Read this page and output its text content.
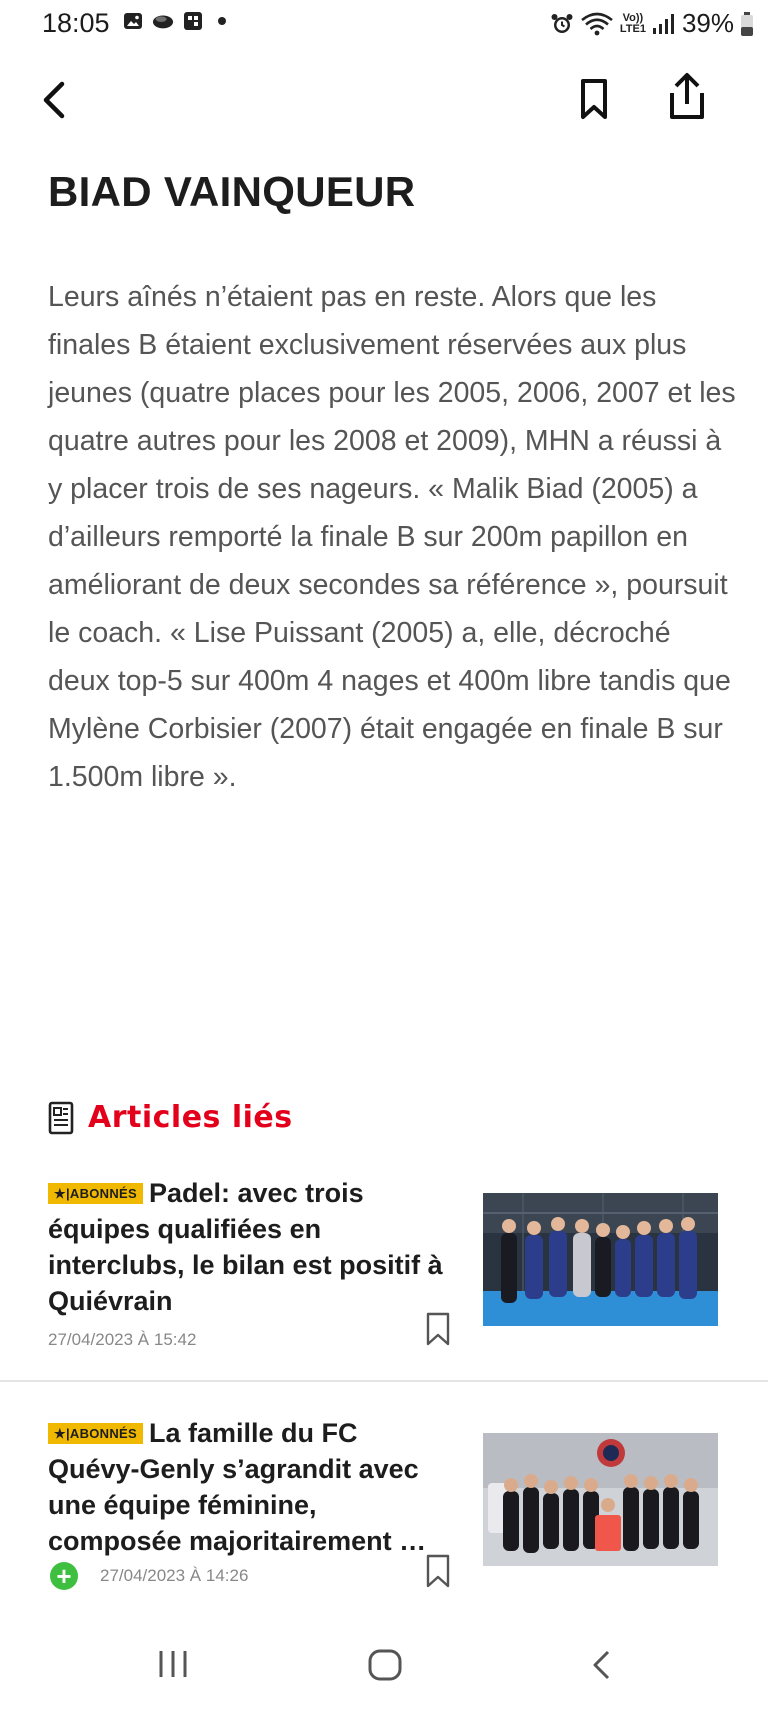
18:05	Vo))
LTE1 39%
BIAD VAINQUEUR

Leurs aînés n’étaient pas en reste. Alors que les finales B étaient exclusivement réservées aux plus jeunes (quatre places pour les 2005, 2006, 2007 et les quatre autres pour les 2008 et 2009), MHN a réussi à y placer trois de ses nageurs. « Malik Biad (2005) a d’ailleurs remporté la finale B sur 200m papillon en améliorant de deux secondes sa référence », poursuit le coach. « Lise Puissant (2005) a, elle, décroché deux top-5 sur 400m 4 nages et 400m libre tandis que Mylène Corbisier (2007) était engagée en finale B sur 1.500m libre ».

Articles liés

★|ABONNÉS Padel: avec trois équipes qualifiées en interclubs, le bilan est positif à Quiévrain

27/04/2023 À 15:42

★|ABONNÉS La famille du FC Quévy-Genly s’agrandit avec une équipe féminine, composée majoritairement …

+	27/04/2023 À 14:26
